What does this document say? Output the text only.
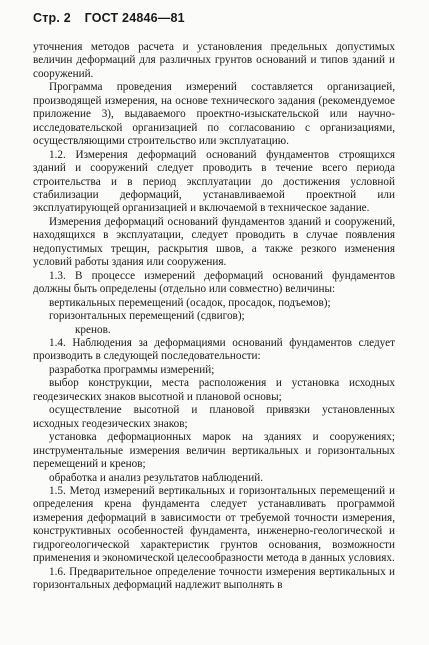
Стр. 2 ГОСТ 24846—81

уточнения методов расчета и установления предельных допустимых величин деформаций для различных грунтов оснований и типов зданий и сооружений.

Программа проведения измерений составляется организацией, производящей измерения, на основе технического задания (рекомендуемое приложение 3), выдаваемого проектно-изыскательской или научно-исследовательской организацией по согласованию с организациями, осуществляющими строительство или эксплуатацию.

1.2. Измерения деформаций оснований фундаментов строящихся зданий и сооружений следует проводить в течение всего периода строительства и в период эксплуатации до достижения условной стабилизации деформаций, устанавливаемой проектной или эксплуатирующей организацией и включаемой в техническое задание.

Измерения деформаций оснований фундаментов зданий и сооружений, находящихся в эксплуатации, следует проводить в случае появления недопустимых трещин, раскрытия швов, а также резкого изменения условий работы здания или сооружения.

1.3. В процессе измерений деформаций оснований фундаментов должны быть определены (отдельно или совместно) величины:

вертикальных перемещений (осадок, просадок, подъемов);

горизонтальных перемещений (сдвигов);

кренов.

1.4. Наблюдения за деформациями оснований фундаментов следует производить в следующей последовательности:

разработка программы измерений;

выбор конструкции, места расположения и установка исходных геодезических знаков высотной и плановой основы;

осуществление высотной и плановой привязки установленных исходных геодезических знаков;

установка деформационных марок на зданиях и сооружениях; инструментальные измерения величин вертикальных и горизонтальных перемещений и кренов;

обработка и анализ результатов наблюдений.

1.5. Метод измерений вертикальных и горизонтальных перемещений и определения крена фундамента следует устанавливать программой измерения деформаций в зависимости от требуемой точности измерения, конструктивных особенностей фундамента, инженерно-геологической и гидрогеологической характеристик грунтов основания, возможности применения и экономической целесообразности метода в данных условиях.

1.6. Предварительное определение точности измерения вертикальных и горизонтальных деформаций надлежит выполнять в
